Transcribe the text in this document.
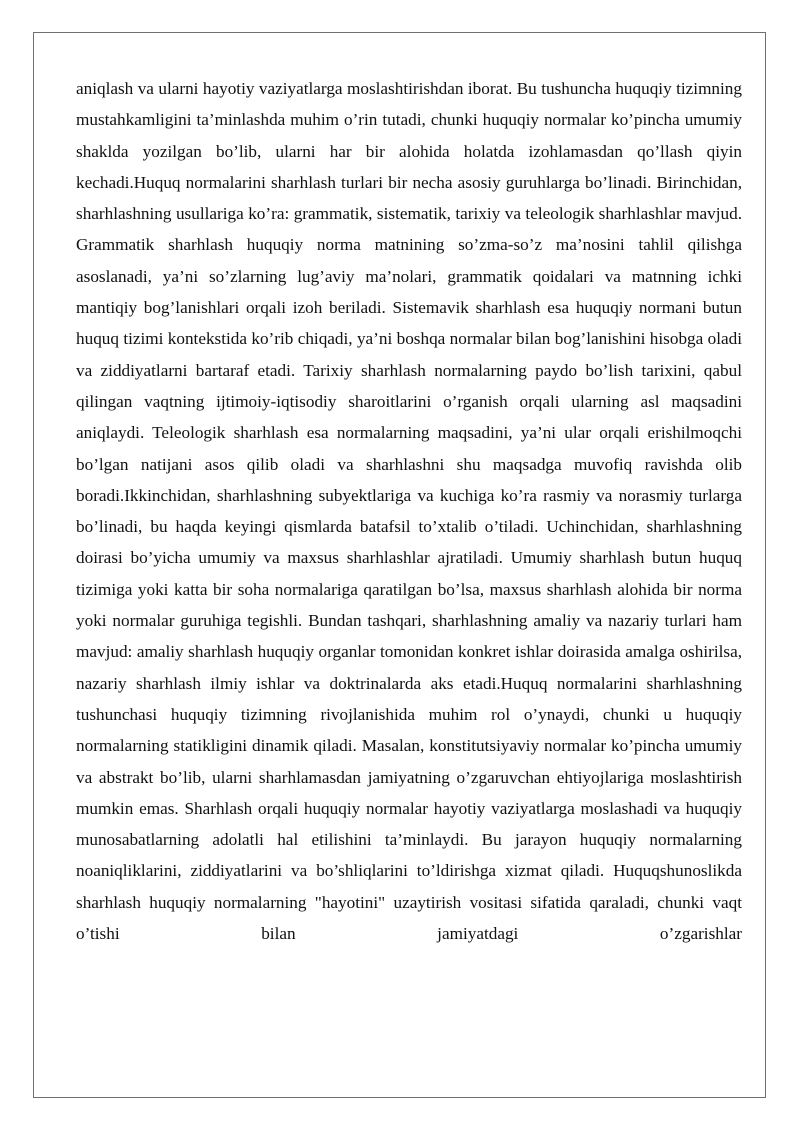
aniqlash va ularni hayotiy vaziyatlarga moslashtirishdan iborat. Bu tushuncha huquqiy tizimning mustahkamligini ta’minlashda muhim o’rin tutadi, chunki huquqiy normalar ko’pincha umumiy shaklda yozilgan bo’lib, ularni har bir alohida holatda izohlamasdan qo’llash qiyin kechadi.Huquq normalarini sharhlash turlari bir necha asosiy guruhlarga bo’linadi. Birinchidan, sharhlashning usullariga ko’ra: grammatik, sistematik, tarixiy va teleologik sharhlashlar mavjud. Grammatik sharhlash huquqiy norma matnining so’zma-so’z ma’nosini tahlil qilishga asoslanadi, ya’ni so’zlarning lug’aviy ma’nolari, grammatik qoidalari va matnning ichki mantiqiy bog’lanishlari orqali izoh beriladi. Sistemavik sharhlash esa huquqiy normani butun huquq tizimi kontekstida ko’rib chiqadi, ya’ni boshqa normalar bilan bog’lanishini hisobga oladi va ziddiyatlarni bartaraf etadi. Tarixiy sharhlash normalarning paydo bo’lish tarixini, qabul qilingan vaqtning ijtimoiy-iqtisodiy sharoitlarini o’rganish orqali ularning asl maqsadini aniqlaydi. Teleologik sharhlash esa normalarning maqsadini, ya’ni ular orqali erishilmoqchi bo’lgan natijani asos qilib oladi va sharhlashni shu maqsadga muvofiq ravishda olib boradi.Ikkinchidan, sharhlashning subyektlariga va kuchiga ko’ra rasmiy va norasmiy turlarga bo’linadi, bu haqda keyingi qismlarda batafsil to’xtalib o’tiladi. Uchinchidan, sharhlashning doirasi bo’yicha umumiy va maxsus sharhlashlar ajratiladi. Umumiy sharhlash butun huquq tizimiga yoki katta bir soha normalariga qaratilgan bo’lsa, maxsus sharhlash alohida bir norma yoki normalar guruhiga tegishli. Bundan tashqari, sharhlashning amaliy va nazariy turlari ham mavjud: amaliy sharhlash huquqiy organlar tomonidan konkret ishlar doirasida amalga oshirilsa, nazariy sharhlash ilmiy ishlar va doktrinalarda aks etadi.Huquq normalarini sharhlashning tushunchasi huquqiy tizimning rivojlanishida muhim rol o’ynaydi, chunki u huquqiy normalarning statikligini dinamik qiladi. Masalan, konstitutsiyaviy normalar ko’pincha umumiy va abstrakt bo’lib, ularni sharhlamasdan jamiyatning o’zgaruvchan ehtiyojlariga moslashtirish mumkin emas. Sharhlash orqali huquqiy normalar hayotiy vaziyatlarga moslashadi va huquqiy munosabatlarning adolatli hal etilishini ta’minlaydi. Bu jarayon huquqiy normalarning noaniqliklarini, ziddiyatlarini va bo’shliqlarini to’ldirishga xizmat qiladi. Huquqshunoslikda sharhlash huquqiy normalarning "hayotini" uzaytirish vositasi sifatida qaraladi, chunki vaqt o’tishi bilan jamiyatdagi o’zgarishlar
